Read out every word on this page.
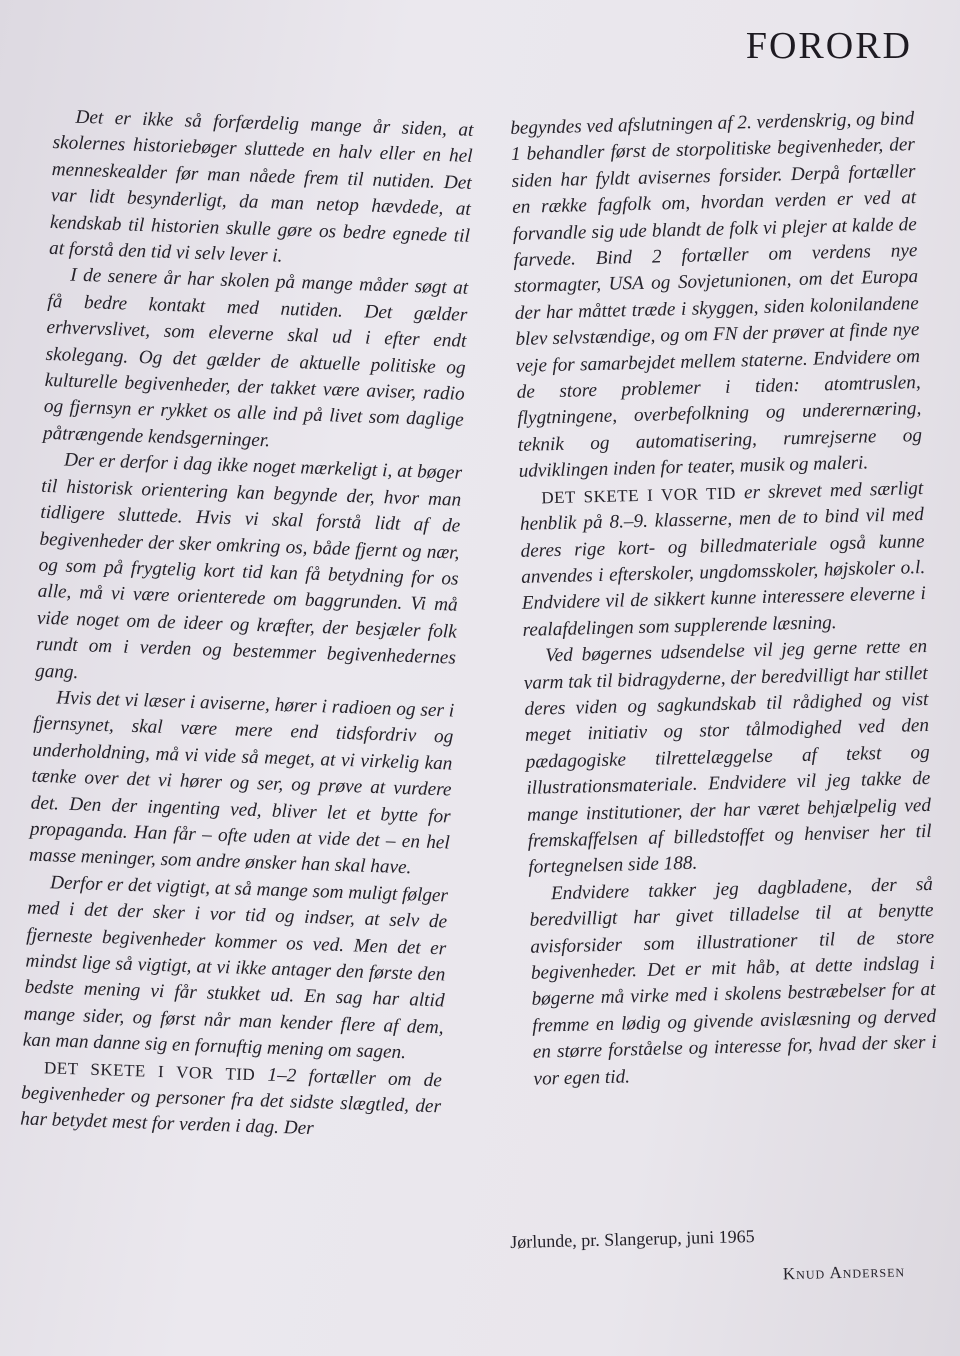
FORORD

Det er ikke så forfærdelig mange år siden, at skolernes historiebøger sluttede en halv eller en hel menneskealder før man nåede frem til nutiden. Det var lidt besynderligt, da man netop hævdede, at kendskab til historien skulle gøre os bedre egnede til at forstå den tid vi selv lever i.

I de senere år har skolen på mange måder søgt at få bedre kontakt med nutiden. Det gælder erhvervslivet, som eleverne skal ud i efter endt skolegang. Og det gælder de aktuelle politiske og kulturelle begivenheder, der takket være aviser, radio og fjernsyn er rykket os alle ind på livet som daglige påtrængende kendsgerninger.

Der er derfor i dag ikke noget mærkeligt i, at bøger til historisk orientering kan begynde der, hvor man tidligere sluttede. Hvis vi skal forstå lidt af de begivenheder der sker omkring os, både fjernt og nær, og som på frygtelig kort tid kan få betydning for os alle, må vi være orienterede om baggrunden. Vi må vide noget om de ideer og kræfter, der besjæler folk rundt om i verden og bestemmer begivenhedernes gang.

Hvis det vi læser i aviserne, hører i radioen og ser i fjernsynet, skal være mere end tidsfordriv og underholdning, må vi vide så meget, at vi virkelig kan tænke over det vi hører og ser, og prøve at vurdere det. Den der ingenting ved, bliver let et bytte for propaganda. Han får – ofte uden at vide det – en hel masse meninger, som andre ønsker han skal have.

Derfor er det vigtigt, at så mange som muligt følger med i det der sker i vor tid og indser, at selv de fjerneste begivenheder kommer os ved. Men det er mindst lige så vigtigt, at vi ikke antager den første den bedste mening vi får stukket ud. En sag har altid mange sider, og først når man kender flere af dem, kan man danne sig en fornuftig mening om sagen.

DET SKETE I VOR TID 1–2 fortæller om de begivenheder og personer fra det sidste slægtled, der har betydet mest for verden i dag. Der

begyndes ved afslutningen af 2. verdenskrig, og bind 1 behandler først de storpolitiske begivenheder, der siden har fyldt avisernes forsider. Derpå fortæller en række fagfolk om, hvordan verden er ved at forvandle sig ude blandt de folk vi plejer at kalde de farvede. Bind 2 fortæller om verdens nye stormagter, USA og Sovjetunionen, om det Europa der har måttet træde i skyggen, siden kolonilandene blev selvstændige, og om FN der prøver at finde nye veje for samarbejdet mellem staterne. Endvidere om de store problemer i tiden: atomtruslen, flygtningene, overbefolkning og underernæring, teknik og automatisering, rumrejserne og udviklingen inden for teater, musik og maleri.

DET SKETE I VOR TID er skrevet med særligt henblik på 8.–9. klasserne, men de to bind vil med deres rige kort- og billedmateriale også kunne anvendes i efterskoler, ungdomsskoler, højskoler o.l. Endvidere vil de sikkert kunne interessere eleverne i realafdelingen som supplerende læsning.

Ved bøgernes udsendelse vil jeg gerne rette en varm tak til bidragyderne, der beredvilligt har stillet deres viden og sagkundskab til rådighed og vist meget initiativ og stor tålmodighed ved den pædagogiske tilrettelæggelse af tekst og illustrationsmateriale. Endvidere vil jeg takke de mange institutioner, der har været behjælpelig ved fremskaffelsen af billedstoffet og henviser her til fortegnelsen side 188.

Endvidere takker jeg dagbladene, der så beredvilligt har givet tilladelse til at benytte avisforsider som illustrationer til de store begivenheder. Det er mit håb, at dette indslag i bøgerne må virke med i skolens bestræbelser for at fremme en lødig og givende avislæsning og derved en større forståelse og interesse for, hvad der sker i vor egen tid.

Jørlunde, pr. Slangerup, juni 1965

Knud Andersen
